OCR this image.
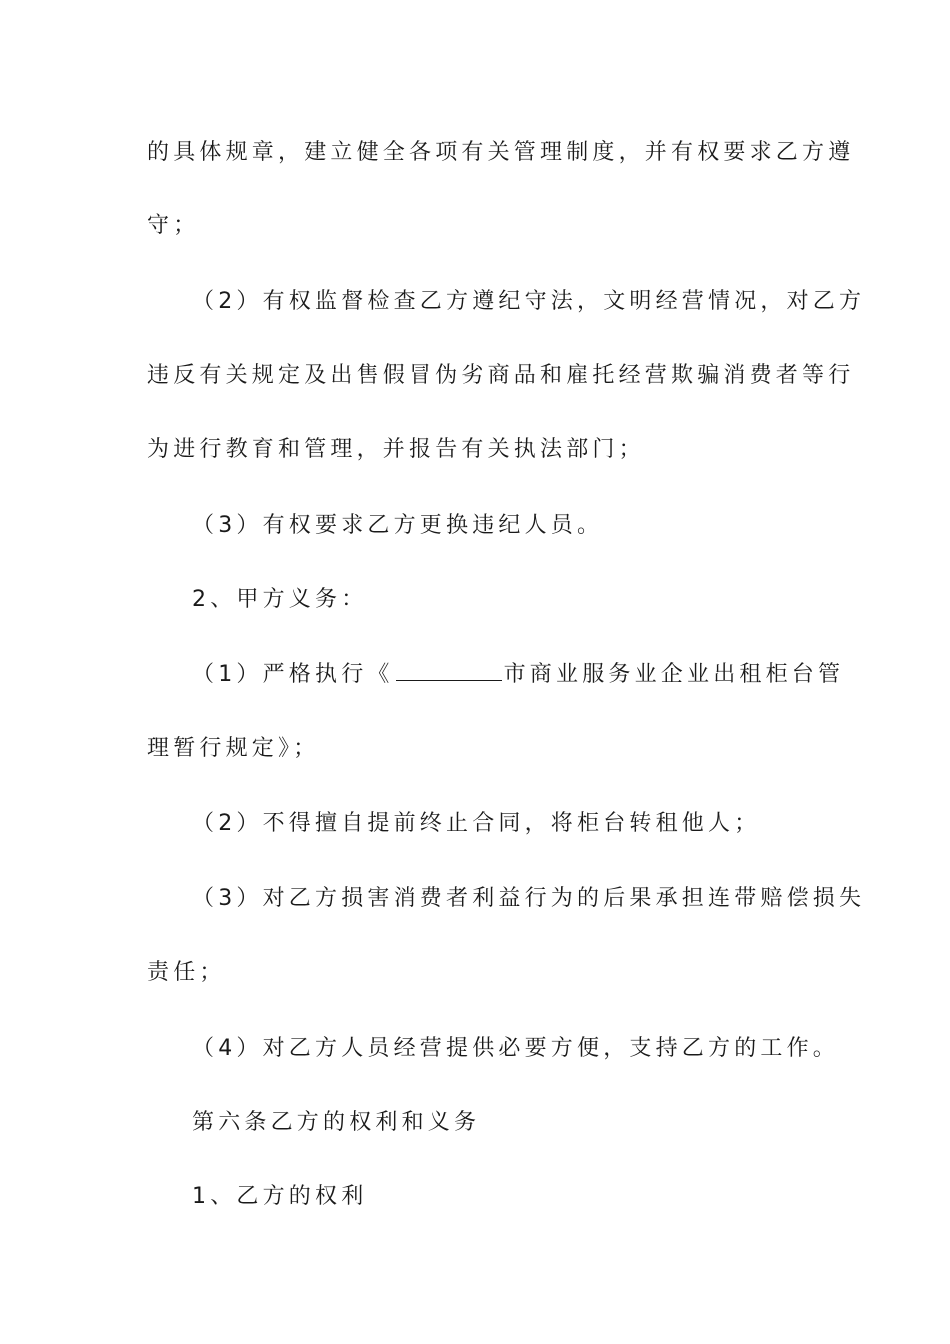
的具体规章，建立健全各项有关管理制度，并有权要求乙方遵
守；
（2）有权监督检查乙方遵纪守法，文明经营情况，对乙方
违反有关规定及出售假冒伪劣商品和雇托经营欺骗消费者等行
为进行教育和管理，并报告有关执法部门；
（3）有权要求乙方更换违纪人员。
2、甲方义务：
（1）严格执行《	市商业服务业企业出租柜台管
理暂行规定》；
（2）不得擅自提前终止合同，将柜台转租他人；
（3）对乙方损害消费者利益行为的后果承担连带赔偿损失
责任；
（4）对乙方人员经营提供必要方便，支持乙方的工作。
第六条乙方的权利和义务
1、乙方的权利
